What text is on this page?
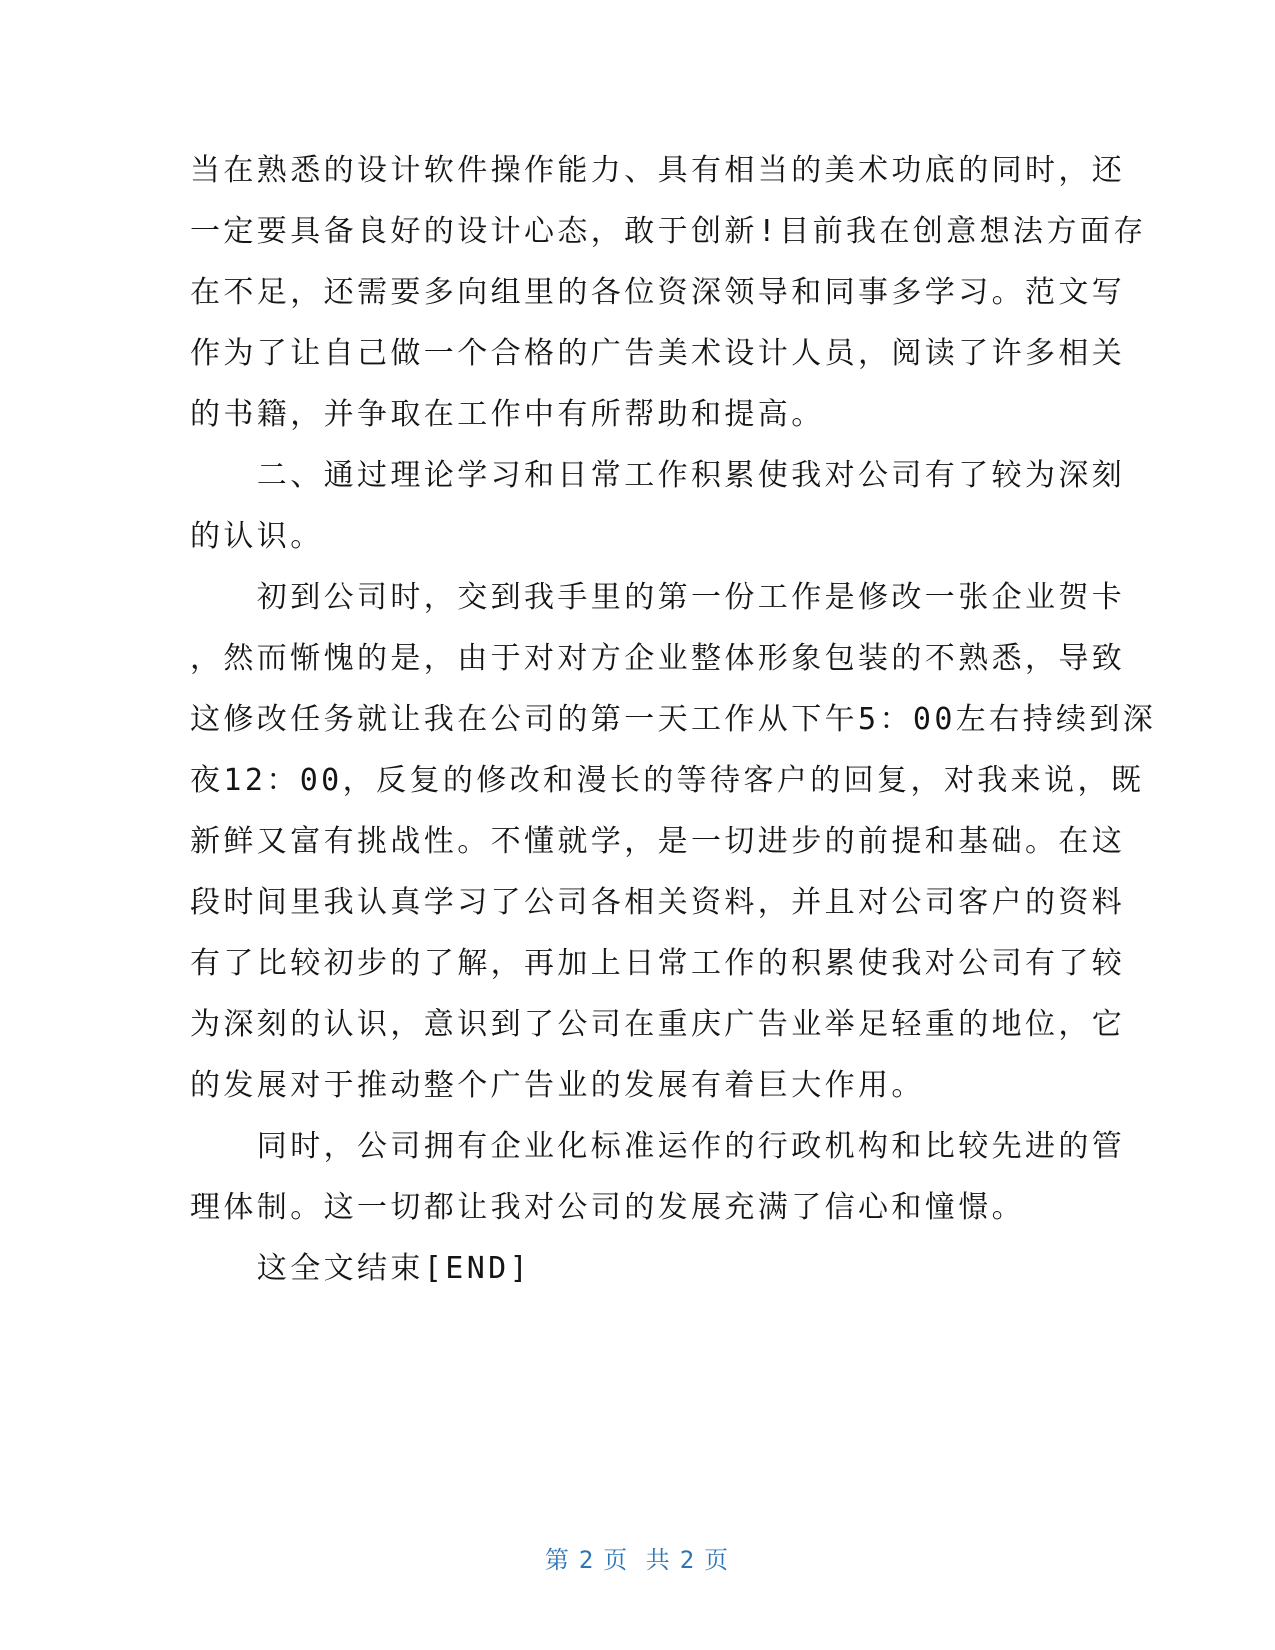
当在熟悉的设计软件操作能力、具有相当的美术功底的同时，还
一定要具备良好的设计心态，敢于创新!目前我在创意想法方面存
在不足，还需要多向组里的各位资深领导和同事多学习。范文写
作为了让自己做一个合格的广告美术设计人员，阅读了许多相关
的书籍，并争取在工作中有所帮助和提高。
　　二、通过理论学习和日常工作积累使我对公司有了较为深刻
的认识。
　　初到公司时，交到我手里的第一份工作是修改一张企业贺卡
，然而惭愧的是，由于对对方企业整体形象包装的不熟悉，导致
这修改任务就让我在公司的第一天工作从下午5：00左右持续到深
夜12：00，反复的修改和漫长的等待客户的回复，对我来说，既
新鲜又富有挑战性。不懂就学，是一切进步的前提和基础。在这
段时间里我认真学习了公司各相关资料，并且对公司客户的资料
有了比较初步的了解，再加上日常工作的积累使我对公司有了较
为深刻的认识，意识到了公司在重庆广告业举足轻重的地位，它
的发展对于推动整个广告业的发展有着巨大作用。
　　同时，公司拥有企业化标准运作的行政机构和比较先进的管
理体制。这一切都让我对公司的发展充满了信心和憧憬。
　　这全文结束[END]
第 2 页 共 2 页
